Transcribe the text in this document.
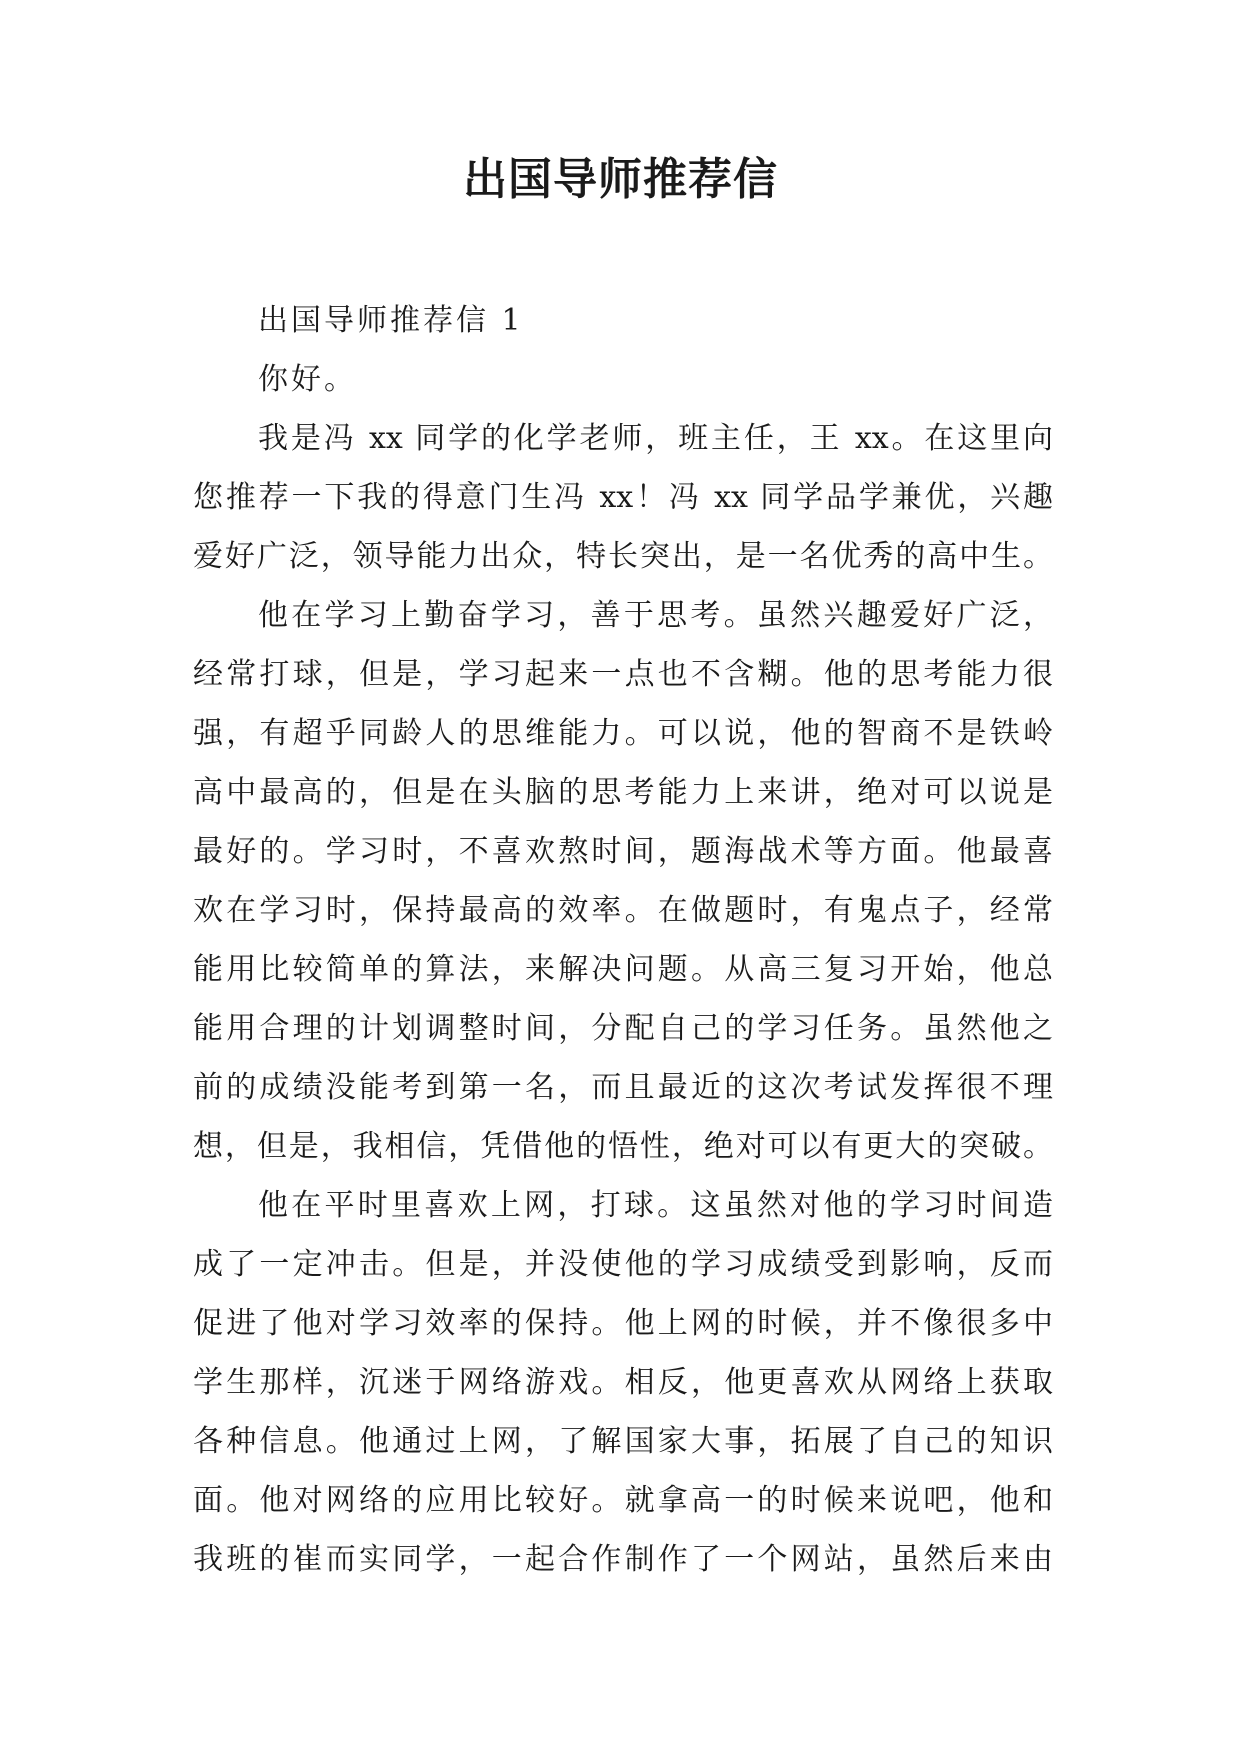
出国导师推荐信
出国导师推荐信 1
你好。
我是冯 xx 同学的化学老师，班主任，王 xx。在这里向
您推荐一下我的得意门生冯 xx！冯 xx 同学品学兼优，兴趣
爱好广泛，领导能力出众，特长突出，是一名优秀的高中生。
他在学习上勤奋学习，善于思考。虽然兴趣爱好广泛，
经常打球，但是，学习起来一点也不含糊。他的思考能力很
强，有超乎同龄人的思维能力。可以说，他的智商不是铁岭
高中最高的，但是在头脑的思考能力上来讲，绝对可以说是
最好的。学习时，不喜欢熬时间，题海战术等方面。他最喜
欢在学习时，保持最高的效率。在做题时，有鬼点子，经常
能用比较简单的算法，来解决问题。从高三复习开始，他总
能用合理的计划调整时间，分配自己的学习任务。虽然他之
前的成绩没能考到第一名，而且最近的这次考试发挥很不理
想，但是，我相信，凭借他的悟性，绝对可以有更大的突破。
他在平时里喜欢上网，打球。这虽然对他的学习时间造
成了一定冲击。但是，并没使他的学习成绩受到影响，反而
促进了他对学习效率的保持。他上网的时候，并不像很多中
学生那样，沉迷于网络游戏。相反，他更喜欢从网络上获取
各种信息。他通过上网，了解国家大事，拓展了自己的知识
面。他对网络的应用比较好。就拿高一的时候来说吧，他和
我班的崔而实同学，一起合作制作了一个网站，虽然后来由
